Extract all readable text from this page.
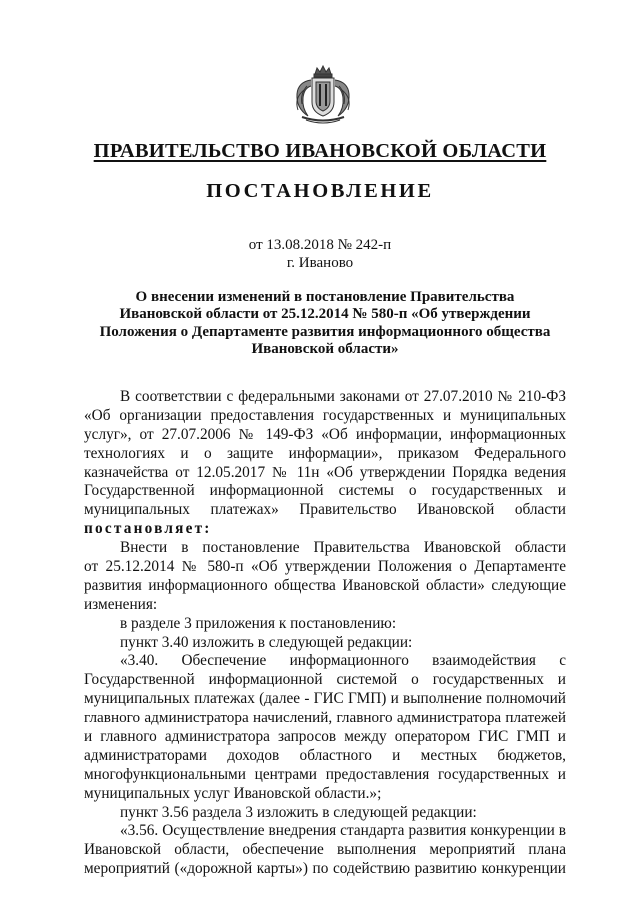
ПРАВИТЕЛЬСТВО ИВАНОВСКОЙ ОБЛАСТИ
ПОСТАНОВЛЕНИЕ
от 13.08.2018 № 242-п
г. Иваново
О внесении изменений в постановление Правительства
Ивановской области от 25.12.2014 № 580-п «Об утверждении
Положения о Департаменте развития информационного общества
Ивановской области»
В соответствии с федеральными законами от 27.07.2010 № 210-ФЗ
«Об организации предоставления государственных и муниципальных
услуг», от 27.07.2006 № 149-ФЗ «Об информации, информационных
технологиях и о защите информации», приказом Федерального
казначейства от 12.05.2017 № 11н «Об утверждении Порядка ведения
Государственной информационной системы о государственных и
муниципальных платежах» Правительство Ивановской области
постановляет:
Внести в постановление Правительства Ивановской области
от 25.12.2014 № 580-п «Об утверждении Положения о Департаменте
развития информационного общества Ивановской области» следующие
изменения:
в разделе 3 приложения к постановлению:
пункт 3.40 изложить в следующей редакции:
«3.40. Обеспечение информационного взаимодействия с
Государственной информационной системой о государственных и
муниципальных платежах (далее - ГИС ГМП) и выполнение полномочий
главного администратора начислений, главного администратора платежей
и главного администратора запросов между оператором ГИС ГМП и
администраторами доходов областного и местных бюджетов,
многофункциональными центрами предоставления государственных и
муниципальных услуг Ивановской области.»;
пункт 3.56 раздела 3 изложить в следующей редакции:
«3.56. Осуществление внедрения стандарта развития конкуренции в
Ивановской области, обеспечение выполнения мероприятий плана
мероприятий («дорожной карты») по содействию развитию конкуренции
